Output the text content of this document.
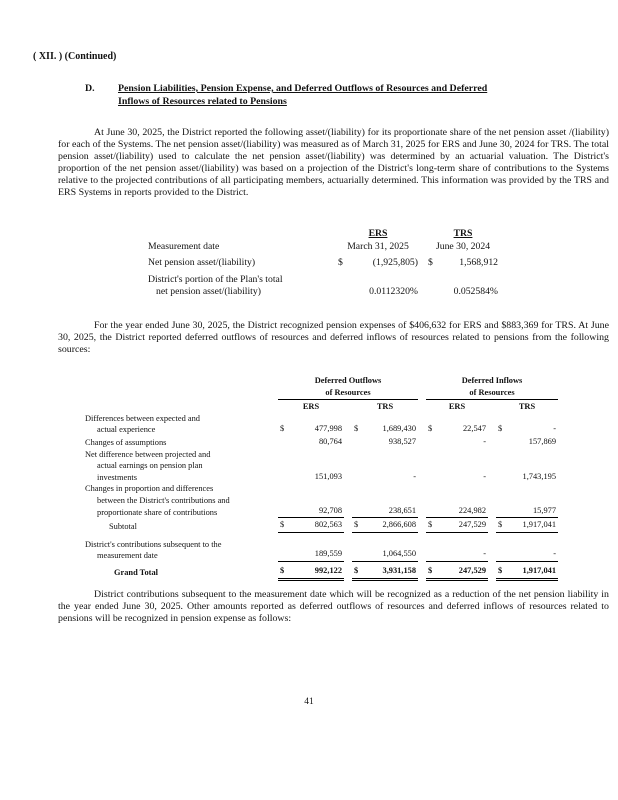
( XII. ) (Continued)
D.	Pension Liabilities, Pension Expense, and Deferred Outflows of Resources and Deferred
Inflows of Resources related to Pensions
At June 30, 2025, the District reported the following asset/(liability) for its proportionate share of the net pension asset /(liability) for each of the Systems. The net pension asset/(liability) was measured as of March 31, 2025 for ERS and June 30, 2024 for TRS. The total pension asset/(liability) used to calculate the net pension asset/(liability) was determined by an actuarial valuation. The District's proportion of the net pension asset/(liability) was based on a projection of the District's long-term share of contributions to the Systems relative to the projected contributions of all participating members, actuarially determined. This information was provided by the TRS and ERS Systems in reports provided to the District.
ERS	TRS
Measurement date	March 31, 2025	June 30, 2024
Net pension asset/(liability)	$	(1,925,805) $	1,568,912
District's portion of the Plan's total
net pension asset/(liability)	0.0112320%	0.052584%
For the year ended June 30, 2025, the District recognized pension expenses of $406,632 for ERS and $883,369 for TRS. At June 30, 2025, the District reported deferred outflows of resources and deferred inflows of resources related to pensions from the following sources:
Deferred Outflows
of Resources
Deferred Inflows
of Resources
ERS	TRS	ERS	TRS
Differences between expected and
actual experience	$	477,998 $	1,689,430 $	22,547 $	-
Changes of assumptions	80,764	938,527	-	157,869
Net difference between projected and
actual earnings on pension plan
investments	151,093	-	-	1,743,195
Changes in proportion and differences
between the District's contributions and
proportionate share of contributions	92,708	238,651	224,982	15,977
Subtotal	$	802,563 $	2,866,608 $	247,529 $ 1,917,041
District's contributions subsequent to the
measurement date	189,559	1,064,550	-	-
Grand Total	$	992,122 $	3,931,158 $	247,529 $ 1,917,041
District contributions subsequent to the measurement date which will be recognized as a reduction of the net pension liability in the year ended June 30, 2025. Other amounts reported as deferred outflows of resources and deferred inflows of resources related to pensions will be recognized in pension expense as follows:
41
